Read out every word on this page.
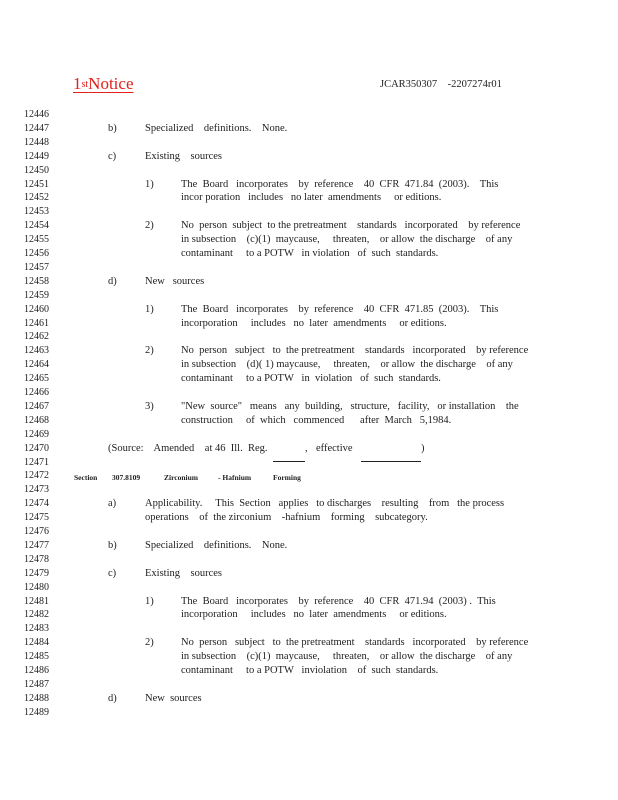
1stNotice	JCAR350307    -2207274r01
12446
12447
12448
12449
12450
12451
12452
12453
12454
12455
12456
12457
12458
12459
12460
12461
12462
12463
12464
12465
12466
12467
12468
12469
12470
12471
12472
12473
12474
12475
12476
12477
12478
12479
12480
12481
12482
12483
12484
12485
12486
12487
12488
12489
b)	Specialized    definitions.    None.
c)	Existing    sources
1)	The  Board   incorporates    by  reference    40  CFR  471.84  (2003).    This
incor poration   includes   no later  amendments     or editions.
2)	No  person  subject  to the pretreatment    standards   incorporated    by reference
in subsection    (c)(1)  maycause,     threaten,    or allow  the discharge    of any
contaminant     to a POTW   in violation   of  such  standards.
d)	New   sources
1)	The  Board   incorporates    by  reference    40  CFR  471.85  (2003).    This
incorporation     includes   no  later  amendments     or editions.
2)	No  person   subject   to  the pretreatment    standards   incorporated    by reference
in subsection    (d)( 1) maycause,     threaten,    or allow  the discharge    of any
contaminant     to a POTW   in  violation   of  such  standards.
3)	"New  source"   means   any  building,   structure,   facility,   or installation    the
construction     of  which   commenced      after  March   5,1984.
(Source:    Amended    at 46  Ill.  Reg.	effective	)
Section 307.8109	Zirconium	- Hafnium	Forming
a)	Applicability.     This  Section   applies   to discharges    resulting    from   the process
operations    of  the zirconium    -hafnium    forming    subcategory.
b)	Specialized    definitions.    None.
c)	Existing    sources
1)	The  Board   incorporates    by  reference    40  CFR  471.94  (2003) .  This
incorporation     includes   no  later  amendments     or editions.
2)	No  person   subject   to  the pretreatment    standards   incorporated    by reference
in subsection    (c)(1)  maycause,     threaten,    or allow  the discharge    of any
contaminant     to a POTW   inviolation    of  such  standards.
d)	New  sources
,
